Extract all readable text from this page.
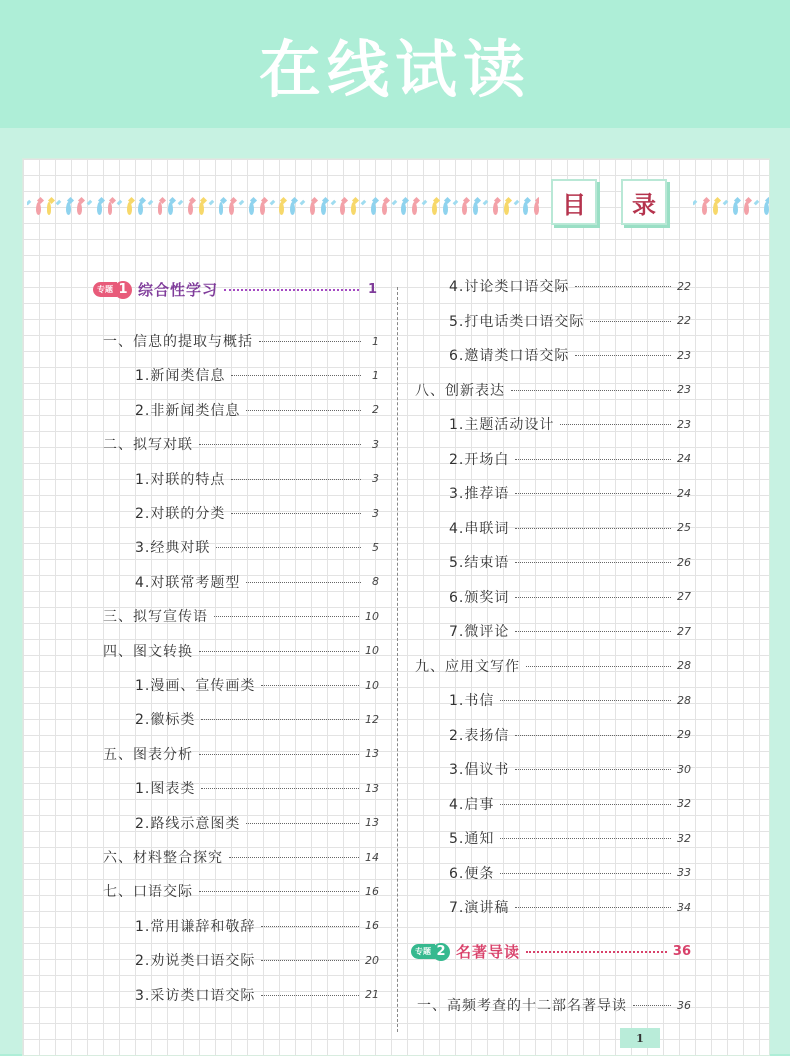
在线试读
目 录
专题 1 综合性学习	1
一、信息的提取与概括	1
1.新闻类信息	1
2.非新闻类信息	2
二、拟写对联	3
1.对联的特点	3
2.对联的分类	3
3.经典对联	5
4.对联常考题型	8
三、拟写宣传语	10
四、图文转换	10
1.漫画、宣传画类	10
2.徽标类	12
五、图表分析	13
1.图表类	13
2.路线示意图类	13
六、材料整合探究	14
七、口语交际	16
1.常用谦辞和敬辞	16
2.劝说类口语交际	20
3.采访类口语交际	21
4.讨论类口语交际	22
5.打电话类口语交际	22
6.邀请类口语交际	23
八、创新表达	23
1.主题活动设计	23
2.开场白	24
3.推荐语	24
4.串联词	25
5.结束语	26
6.颁奖词	27
7.微评论	27
九、应用文写作	28
1.书信	28
2.表扬信	29
3.倡议书	30
4.启事	32
5.通知	32
6.便条	33
7.演讲稿	34
专题 2 名著导读	36
一、高频考查的十二部名著导读	36
1
